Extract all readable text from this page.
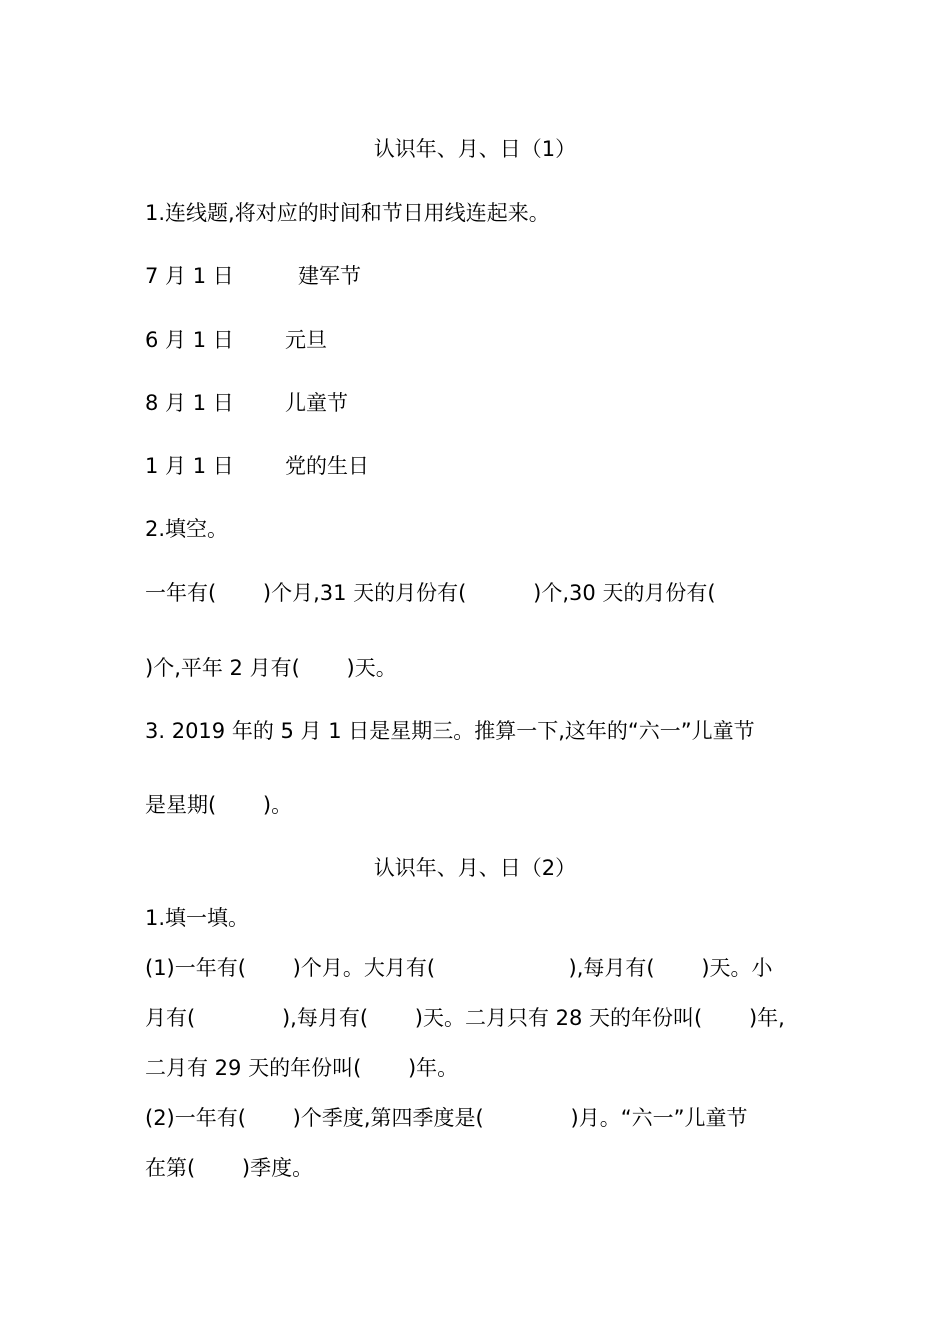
认识年、月、日（1）
1.连线题,将对应的时间和节日用线连起来。
7 月 1 日	建军节
6 月 1 日 元旦
8 月 1 日 儿童节
1 月 1 日 党的生日
2.填空。
一年有(       )个月,31 天的月份有(          )个,30 天的月份有(
)个,平年 2 月有(       )天。
3. 2019 年的 5 月 1 日是星期三。推算一下,这年的“六一”儿童节
是星期(       )。
认识年、月、日（2）
1.填一填。
(1)一年有(       )个月。大月有(                    ),每月有(       )天。小
月有(             ),每月有(       )天。二月只有 28 天的年份叫(       )年,
二月有 29 天的年份叫(       )年。
(2)一年有(       )个季度,第四季度是(             )月。“六一”儿童节
在第(       )季度。
